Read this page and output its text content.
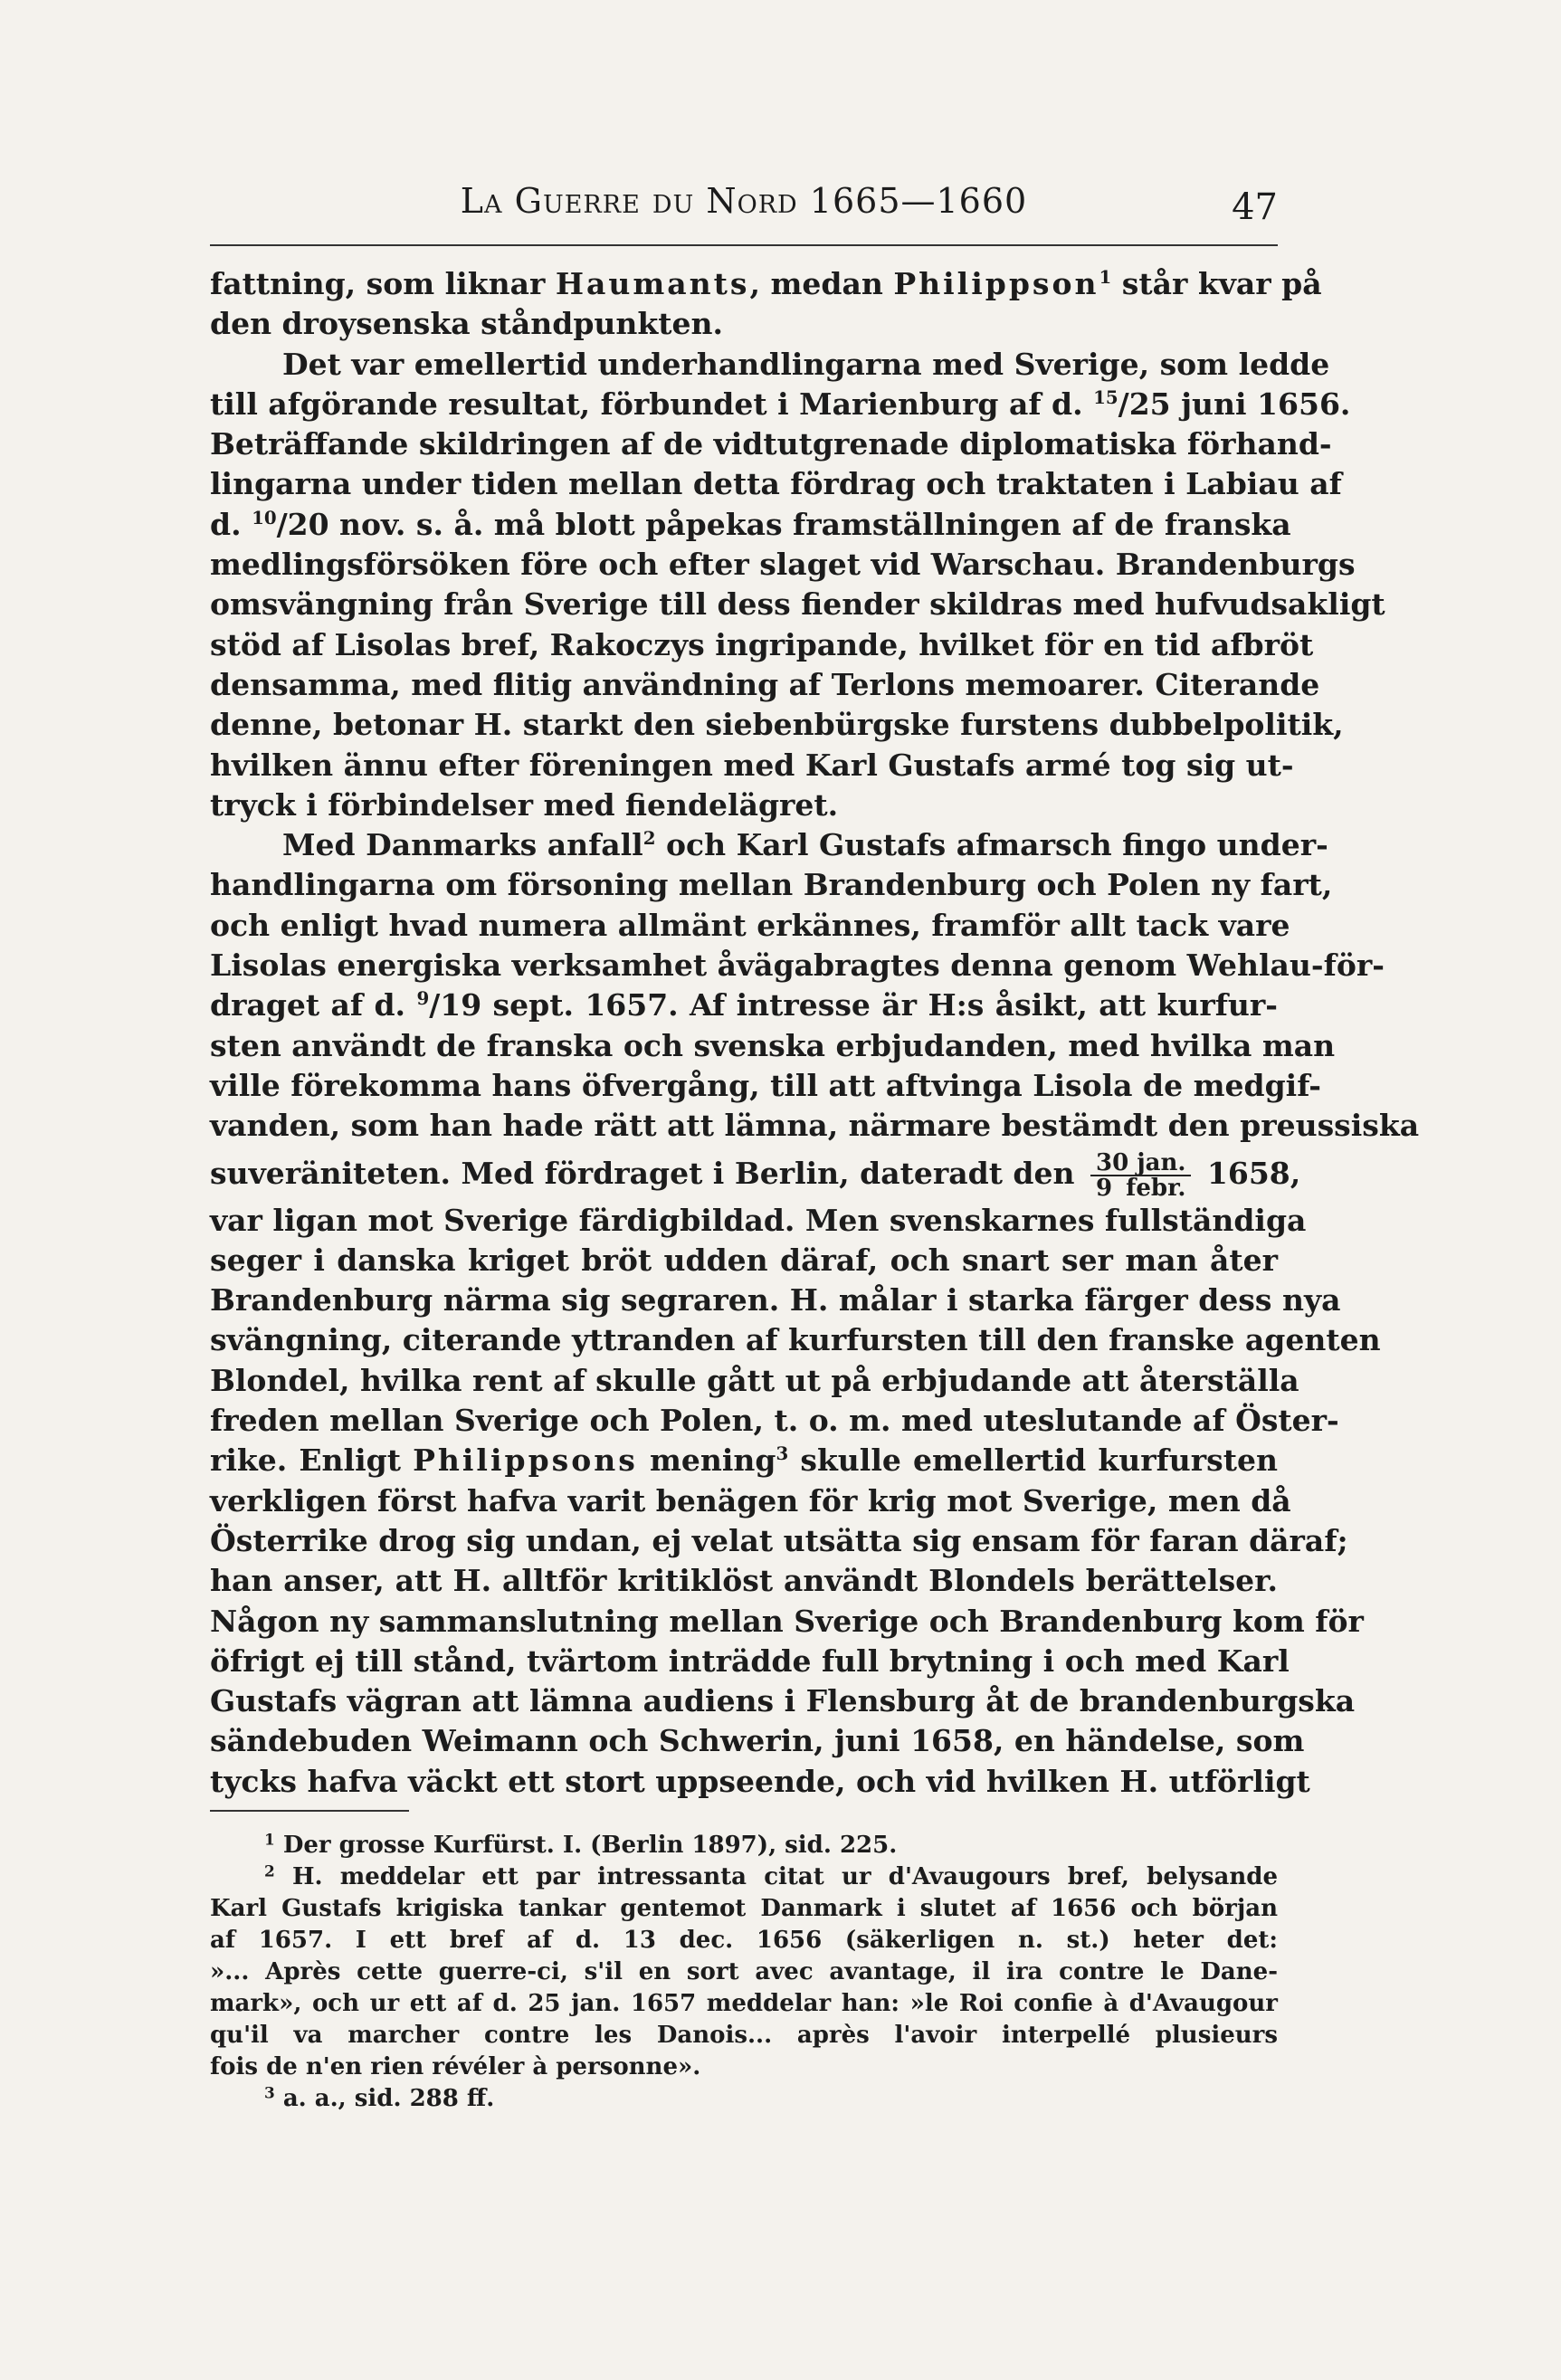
La Guerre du Nord 1665—1660	47
fattning, som liknar Haumants, medan Philippson$^1$ står kvar på
den droysenska ståndpunkten.
Det var emellertid underhandlingarna med Sverige, som ledde
till afgörande resultat, förbundet i Marienburg af d. $^{15}$/25 juni 1656.
Beträffande skildringen af de vidtutgrenade diplomatiska förhand-
lingarna under tiden mellan detta fördrag och traktaten i Labiau af
d. $^{10}$/20 nov. s. å. må blott påpekas framställningen af de franska
medlingsförsöken före och efter slaget vid Warschau. Brandenburgs
omsvängning från Sverige till dess fiender skildras med hufvudsakligt
stöd af Lisolas bref, Rakoczys ingripande, hvilket för en tid afbröt
densamma, med flitig användning af Terlons memoarer. Citerande
denne, betonar H. starkt den siebenbürgske furstens dubbelpolitik,
hvilken ännu efter föreningen med Karl Gustafs armé tog sig ut-
tryck i förbindelser med fiendelägret.
Med Danmarks anfall$^2$ och Karl Gustafs afmarsch fingo under-
handlingarna om försoning mellan Brandenburg och Polen ny fart,
och enligt hvad numera allmänt erkännes, framför allt tack vare
Lisolas energiska verksamhet åvägabragtes denna genom Wehlau-för-
draget af d. $^9$/19 sept. 1657. Af intresse är H:s åsikt, att kurfur-
sten användt de franska och svenska erbjudanden, med hvilka man
ville förekomma hans öfvergång, till att aftvinga Lisola de medgif-
vanden, som han hade rätt att lämna, närmare bestämdt den preussiska
suveräniteten. Med fördraget i Berlin, dateradt den $\frac{\text{30 jan.}}{\text{9 febr.}} 1658$,
var ligan mot Sverige färdigbildad. Men svenskarnes fullständiga
seger i danska kriget bröt udden däraf, och snart ser man åter
Brandenburg närma sig segraren. H. målar i starka färger dess nya
svängning, citerande yttranden af kurfursten till den franske agenten
Blondel, hvilka rent af skulle gått ut på erbjudande att återställa
freden mellan Sverige och Polen, t. o. m. med uteslutande af Öster-
rike. Enligt Philippsons mening$^3$ skulle emellertid kurfursten
verkligen först hafva varit benägen för krig mot Sverige, men då
Österrike drog sig undan, ej velat utsätta sig ensam för faran däraf;
han anser, att H. alltför kritiklöst användt Blondels berättelser.
Någon ny sammanslutning mellan Sverige och Brandenburg kom för
öfrigt ej till stånd, tvärtom inträdde full brytning i och med Karl
Gustafs vägran att lämna audiens i Flensburg åt de brandenburgska
sändebuden Weimann och Schwerin, juni 1658, en händelse, som
tycks hafva väckt ett stort uppseende, och vid hvilken H. utförligt
$^1$ Der grosse Kurfürst. I. (Berlin 1897), sid. 225.
$^2$ H. meddelar ett par intressanta citat ur d'Avaugours bref, belysande
Karl Gustafs krigiska tankar gentemot Danmark i slutet af 1656 och början
af 1657. I ett bref af d. 13 dec. 1656 (säkerligen n. st.) heter det:
»... Après cette guerre-ci, s'il en sort avec avantage, il ira contre le Dane-
mark», och ur ett af d. 25 jan. 1657 meddelar han: »le Roi confie à d'Avaugour
qu'il va marcher contre les Danois... après l'avoir interpellé plusieurs
fois de n'en rien révéler à personne».
$^3$ a. a., sid. 288 ff.
